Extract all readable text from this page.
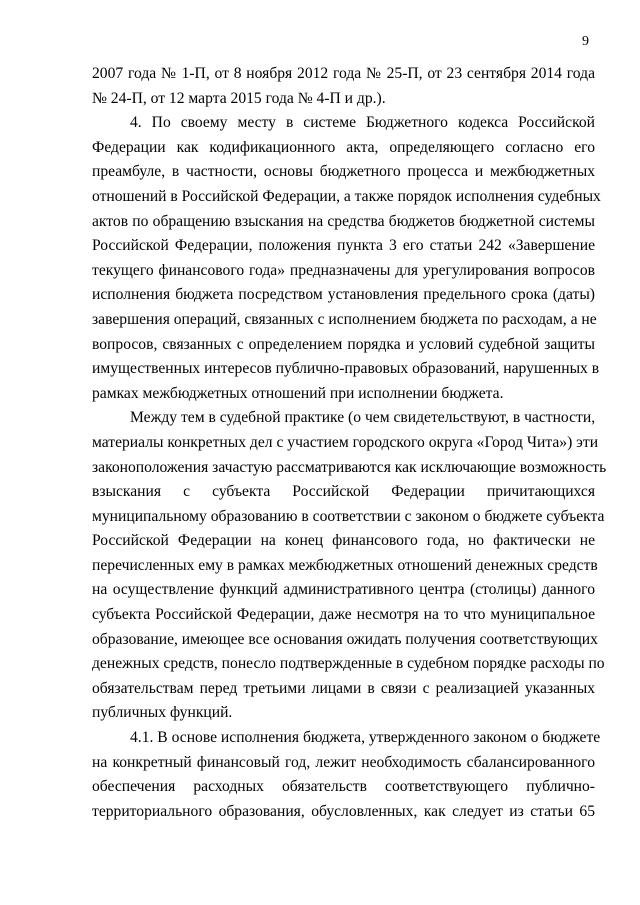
9
2007 года № 1-П, от 8 ноября 2012 года № 25-П, от 23 сентября 2014 года
№ 24-П, от 12 марта 2015 года № 4-П и др.).
4. По своему месту в системе Бюджетного кодекса Российской
Федерации как кодификационного акта, определяющего согласно его
преамбуле, в частности, основы бюджетного процесса и межбюджетных
отношений в Российской Федерации, а также порядок исполнения судебных
актов по обращению взыскания на средства бюджетов бюджетной системы
Российской Федерации, положения пункта 3 его статьи 242 «Завершение
текущего финансового года» предназначены для урегулирования вопросов
исполнения бюджета посредством установления предельного срока (даты)
завершения операций, связанных с исполнением бюджета по расходам, а не
вопросов, связанных с определением порядка и условий судебной защиты
имущественных интересов публично-правовых образований, нарушенных в
рамках межбюджетных отношений при исполнении бюджета.
Между тем в судебной практике (о чем свидетельствуют, в частности,
материалы конкретных дел с участием городского округа «Город Чита») эти
законоположения зачастую рассматриваются как исключающие возможность
взыскания с субъекта Российской Федерации причитающихся
муниципальному образованию в соответствии с законом о бюджете субъекта
Российской Федерации на конец финансового года, но фактически не
перечисленных ему в рамках межбюджетных отношений денежных средств
на осуществление функций административного центра (столицы) данного
субъекта Российской Федерации, даже несмотря на то что муниципальное
образование, имеющее все основания ожидать получения соответствующих
денежных средств, понесло подтвержденные в судебном порядке расходы по
обязательствам перед третьими лицами в связи с реализацией указанных
публичных функций.
4.1. В основе исполнения бюджета, утвержденного законом о бюджете
на конкретный финансовый год, лежит необходимость сбалансированного
обеспечения расходных обязательств соответствующего публично-
территориального образования, обусловленных, как следует из статьи 65
